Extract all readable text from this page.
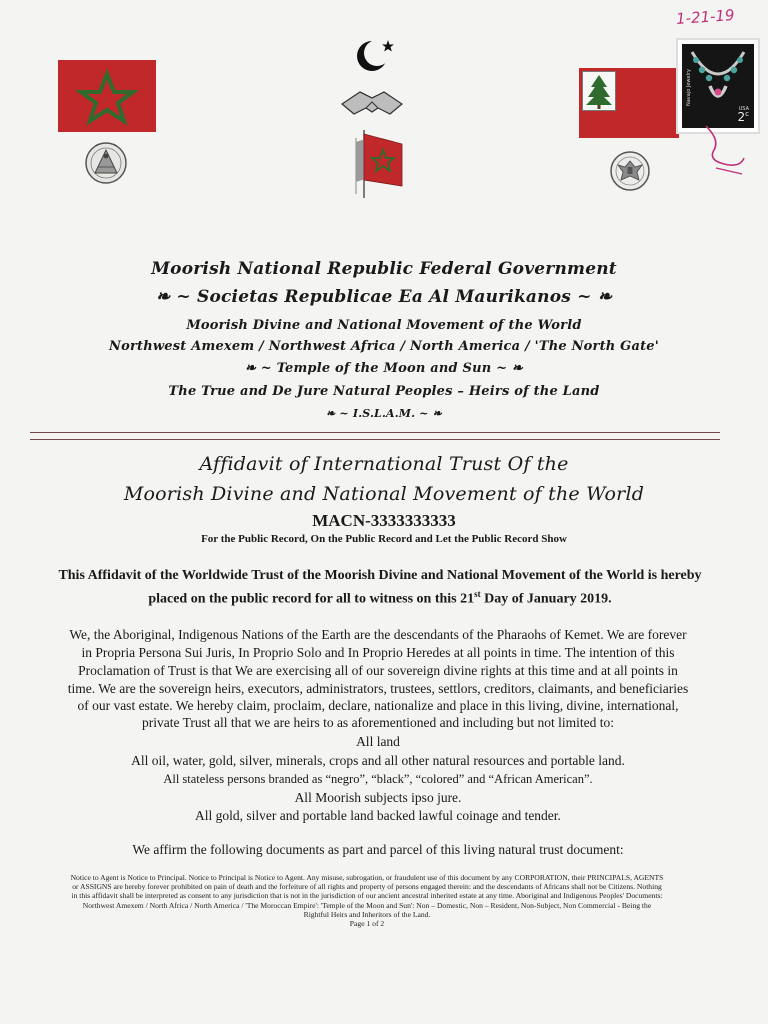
1-21-19
Navajo Jewelry
USA
2$^c$
Moorish National Republic Federal Government
❧ ~ Societas Republicae Ea Al Maurikanos ~ ❧
Moorish Divine and National Movement of the World
Northwest Amexem / Northwest Africa / North America / 'The North Gate'
❧ ~ Temple of the Moon and Sun ~ ❧
The True and De Jure Natural Peoples – Heirs of the Land
❧ ~ I.S.L.A.M. ~ ❧
Affidavit of International Trust Of the
Moorish Divine and National Movement of the World
MACN-3333333333
For the Public Record, On the Public Record and Let the Public Record Show
This Affidavit of the Worldwide Trust of the Moorish Divine and National Movement of the World is hereby placed on the public record for all to witness on this 21st Day of January 2019.
We, the Aboriginal, Indigenous Nations of the Earth are the descendants of the Pharaohs of Kemet. We are forever
in Propria Persona Sui Juris, In Proprio Solo and In Proprio Heredes at all points in time. The intention of this
Proclamation of Trust is that We are exercising all of our sovereign divine rights at this time and at all points in
time. We are the sovereign heirs, executors, administrators, trustees, settlors, creditors, claimants, and beneficiaries
of our vast estate. We hereby claim, proclaim, declare, nationalize and place in this living, divine, international,
private Trust all that we are heirs to as aforementioned and including but not limited to:
All land
All oil, water, gold, silver, minerals, crops and all other natural resources and portable land.
All stateless persons branded as “negro”, “black”, “colored” and “African American”.
All Moorish subjects ipso jure.
All gold, silver and portable land backed lawful coinage and tender.
We affirm the following documents as part and parcel of this living natural trust document:
Notice to Agent is Notice to Principal. Notice to Principal is Notice to Agent. Any misuse, subrogation, or fraudulent use of this document by any CORPORATION, their PRINCIPALS, AGENTS
or ASSIGNS are hereby forever prohibited on pain of death and the forfeiture of all rights and property of persons engaged therein: and the descendants of Africans shall not be Citizens. Nothing
in this affidavit shall be interpreted as consent to any jurisdiction that is not in the jurisdiction of our ancient ancestral inherited estate at any time. Aboriginal and Indigenous Peoples' Documents:
Northwest Amexem / North Africa / North America / 'The Moroccan Empire': 'Temple of the Moon and Sun': Non – Domestic, Non – Resident, Non-Subject, Non Commercial - Being the
Rightful Heirs and Inheritors of the Land.
Page 1 of 2
